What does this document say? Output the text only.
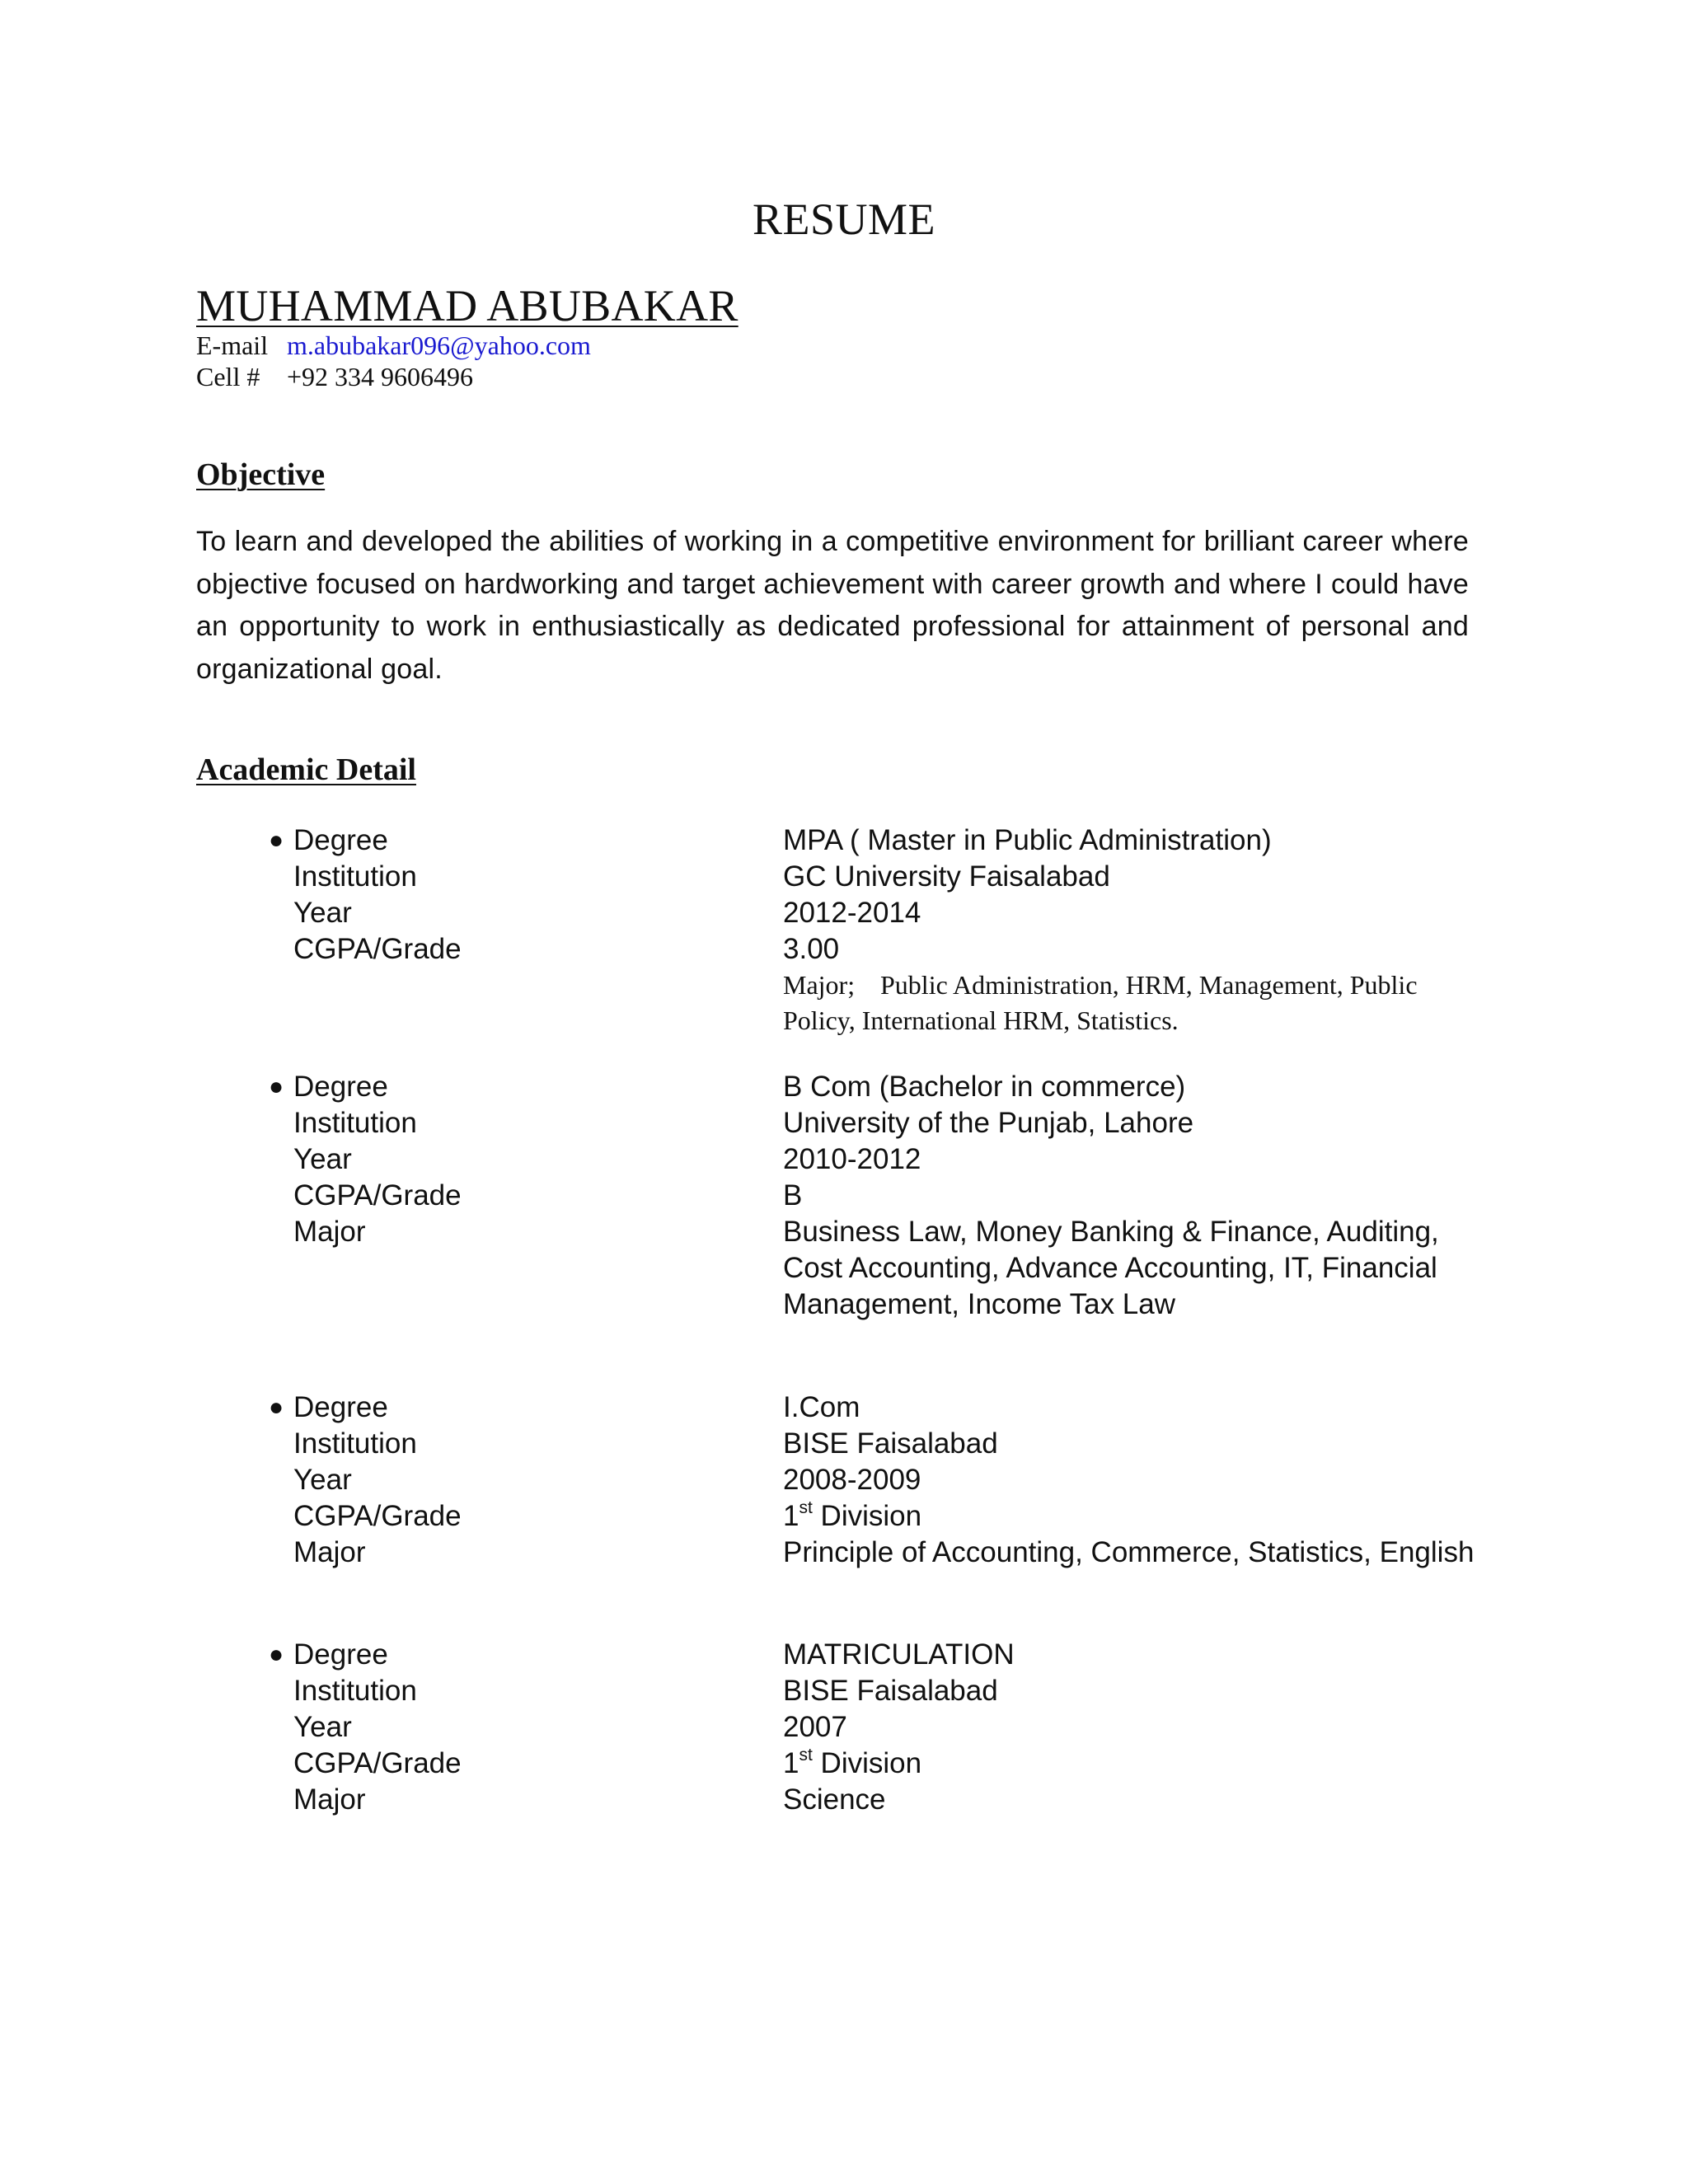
RESUME
MUHAMMAD ABUBAKAR
E-mail m.abubakar096@yahoo.com
Cell # +92 334 9606496
Objective
To learn and developed the abilities of working in a competitive environment for brilliant career where objective focused on hardworking and target achievement with career growth and where I could have an opportunity to work in enthusiastically as dedicated professional for attainment of personal and organizational goal.
Academic Detail
● Degree	MPA ( Master in Public Administration)
Institution	GC University Faisalabad
Year	2012-2014
CGPA/Grade	3.00
Major; Public Administration, HRM, Management, Public Policy, International HRM, Statistics.
● Degree	B Com (Bachelor in commerce)
Institution	University of the Punjab, Lahore
Year	2010-2012
CGPA/Grade	B
Major	Business Law, Money Banking & Finance, Auditing, Cost Accounting, Advance Accounting, IT, Financial Management, Income Tax Law
● Degree	I.Com
Institution	BISE Faisalabad
Year	2008-2009
CGPA/Grade	1st Division
Major	Principle of Accounting, Commerce, Statistics, English
● Degree	MATRICULATION
Institution	BISE Faisalabad
Year	2007
CGPA/Grade	1st Division
Major	Science
